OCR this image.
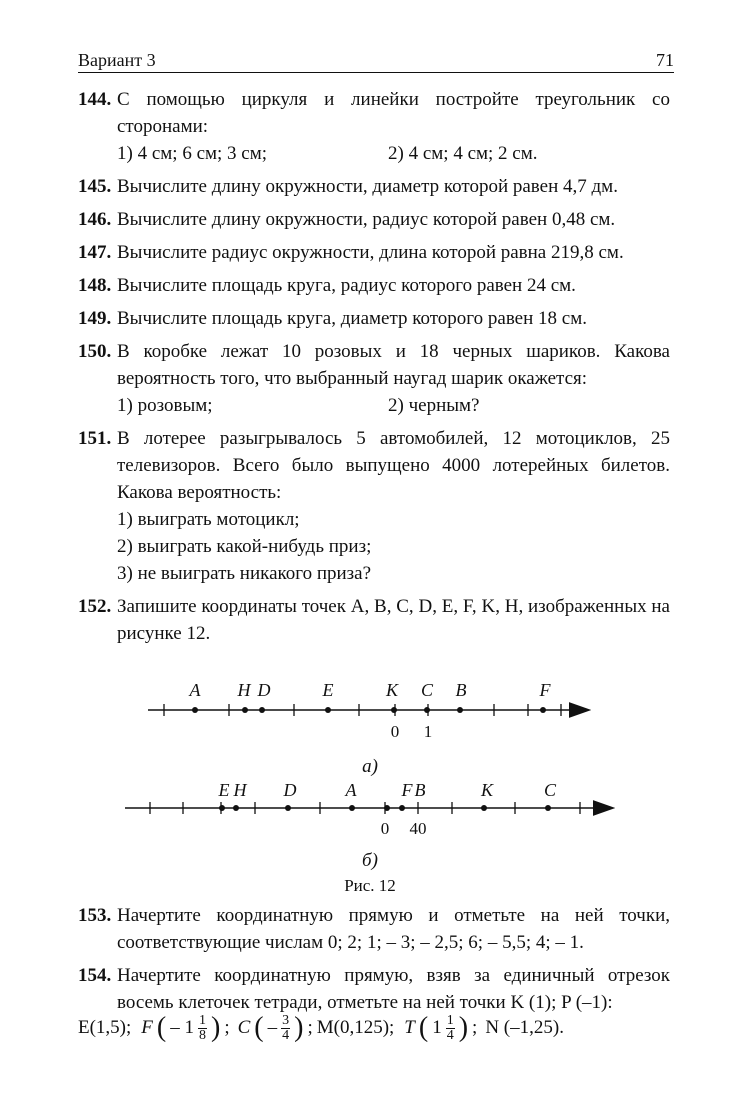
Вариант 3	71
144. С помощью циркуля и линейки постройте треугольник со сторонами:
1) 4 см; 6 см; 3 см;	2) 4 см; 4 см; 2 см.
145. Вычислите длину окружности, диаметр которой равен 4,7 дм.
146. Вычислите длину окружности, радиус которой равен 0,48 см.
147. Вычислите радиус окружности, длина которой равна 219,8 см.
148. Вычислите площадь круга, радиус которого равен 24 см.
149. Вычислите площадь круга, диаметр которого равен 18 см.
150. В коробке лежат 10 розовых и 18 черных шариков. Какова вероятность того, что выбранный наугад шарик окажется:
1) розовым;	2) черным?
151. В лотерее разыгрывалось 5 автомобилей, 12 мотоциклов, 25 телевизоров. Всего было выпущено 4000 лотерейных билетов. Какова вероятность:
1) выиграть мотоцикл;
2) выиграть какой-нибудь приз;
3) не выиграть никакого приза?
152. Запишите координаты точек A, B, C, D, E, F, K, H, изображенных на рисунке 12.
A H D	E	K C B	F
0 1
а)
E H D	A	F B	K	C
0 40
б)
Рис. 12
153. Начертите координатную прямую и отметьте на ней точки, соответствующие числам 0; 2; 1; – 3; – 2,5; 6; – 5,5; 4; – 1.
154. Начертите координатную прямую, взяв за единичный отрезок восемь клеточек тетради, отметьте на ней точки K (1); P (–1):
E(1,5); F ( – $1 \frac{1}{8}$ ) ; C ( – $\frac{3}{4}$ ) ; M(0,125); T ( $1 \frac{1}{4}$ ) ; N (–1,25).
